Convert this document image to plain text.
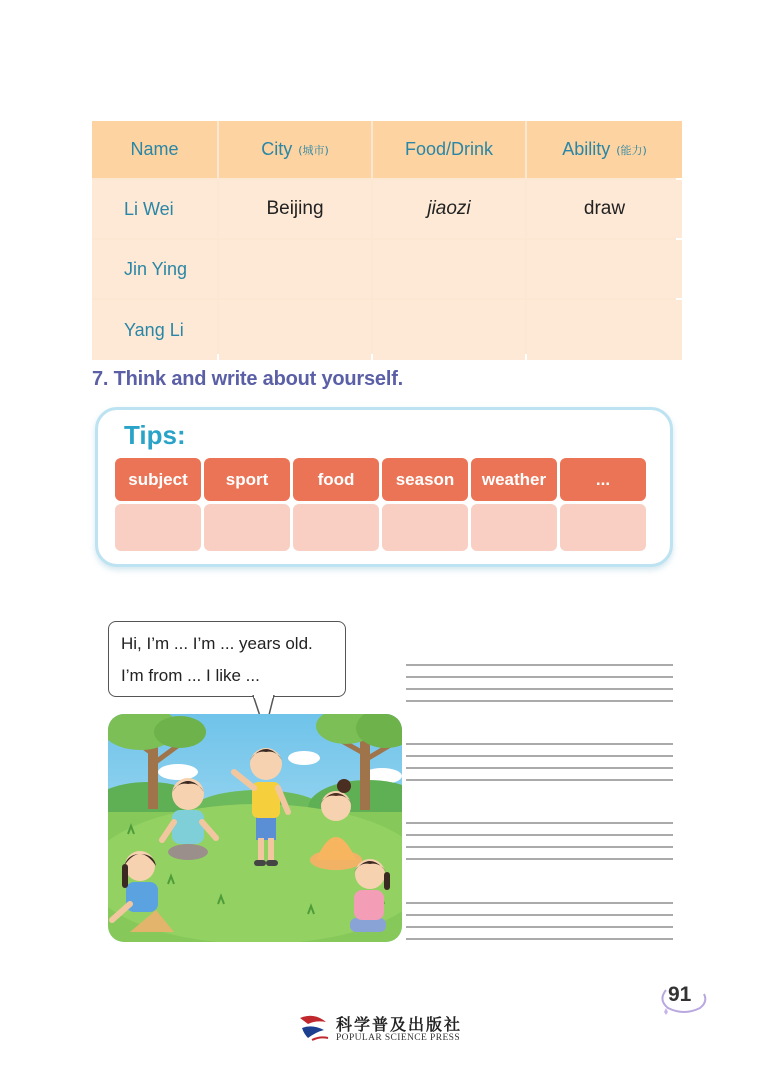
Name	City (城市)	Food/Drink	Ability (能力)
Li Wei	Beijing	jiaozi	draw
Jin Ying
Yang Li
7. Think and write about yourself.
Tips:
subject	sport	food	season	weather	...
Hi, I’m ... I’m ... years old.
I’m from ... I like ...
91
科学普及出版社
POPULAR SCIENCE PRESS
